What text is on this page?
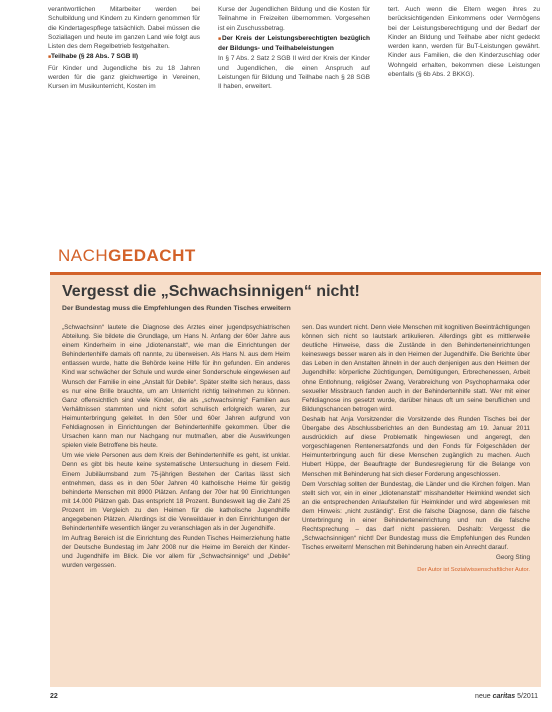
verantwortlichen Mitarbeiter werden bei Schulbildung und Kindern zu Kindern genommen für die Kindertagespflege tatsächlich. Dabei müssen die Soziallagen und heute im ganzen Land wie folgt aus Listen des dem Regelbetrieb festgehalten.

■ Teilhabe (§ 28 Abs. 7 SGB II)

Für Kinder und Jugendliche bis zu 18 Jahren werden für die ganz gleichwertige in Vereinen, Kursen im Musikunterricht, Kosten im

Kurse der Jugendlichen Bildung und die Kosten für Teilnahme in Freizeiten übernommen. Vorgesehen ist ein Zuschussbetrag.

■ Der Kreis der Leistungsberechtigten bezüglich der Bildungs- und Teilhabeleistungen

In § 7 Abs. 2 Satz 2 SGB II wird der Kreis der Kinder und Jugendlichen, die einen Anspruch auf Leistungen für Bildung und Teilhabe nach § 28 SGB II haben, erweitert.

tert. Auch wenn die Eltern wegen ihres zu berücksichtigenden Einkommens oder Vermögens bei der Leistungsberechtigung und der Bedarf der Kinder an Bildung und Teilhabe aber nicht gedeckt werden kann, werden für BuT-Leistungen gewährt. Kinder aus Familien, die den Kinderzuschlag oder Wohngeld erhalten, bekommen diese Leistungen ebenfalls (§ 6b Abs. 2 BKKG).

NACHGEDACHT
Vergesst die „Schwachsinnigen“ nicht!
Der Bundestag muss die Empfehlungen des Runden Tisches erweitern

„Schwachsinn“ lautete die Diagnose des Arztes einer jugendpsychiatrischen Abteilung. Sie bildete die Grundlage, um Hans N. Anfang der 60er Jahre aus einem Kinderheim in eine „Idiotenanstalt“, wie man die Einrichtungen der Behindertenhilfe damals oft nannte, zu überweisen. Als Hans N. aus dem Heim entlassen wurde, hatte die Behörde keine Hilfe für ihn gefunden. Ein anderes Kind war schwächer der Schule und wurde einer Sonderschule eingewiesen auf Wunsch der Familie in eine „Anstalt für Debile“. Später stellte sich heraus, dass es nur eine Brille brauchte, um am Unterricht richtig teilnehmen zu können. Ganz offensichtlich sind viele Kinder, die als „schwachsinnig“ Familien aus Verhältnissen stammten und nicht sofort schulisch erfolgreich waren, zur Heimunterbringung geleitet. In den 50er und 60er Jahren aufgrund von Fehldiagnosen in Einrichtungen der Behindertenhilfe gekommen. Über die Ursachen kann man nur Nachgang nur mutmaßen, aber die Auswirkungen spielen viele Betroffene bis heute.

Um wie viele Personen aus dem Kreis der Behindertenhilfe es geht, ist unklar. Denn es gibt bis heute keine systematische Untersuchung in diesem Feld. Einem Jubiläumsband zum 75-jährigen Bestehen der Caritas lässt sich entnehmen, dass es in den 50er Jahren 40 katholische Heime für geistig behinderte Menschen mit 8900 Plätzen. Anfang der 70er hat 90 Einrichtungen mit 14.000 Plätzen gab. Das entspricht 18 Prozent. Bundesweit lag die Zahl 25 Prozent im Vergleich zu den Heimen für die katholische Jugendhilfe angegebenen Plätzen. Allerdings ist die Verweildauer in den Einrichtungen der Behindertenhilfe wesentlich länger zu veranschlagen als in der Jugendhilfe.

Im Auftrag Bereich ist die Einrichtung des Runden Tisches Heimerziehung hatte der Deutsche Bundestag im Jahr 2008 nur die Heime im Bereich der Kinder- und Jugendhilfe im Blick. Die vor allem für „Schwachsinnige“ und „Debile“ wurden vergessen.

sen. Das wundert nicht. Denn viele Menschen mit kognitiven Beeinträchtigungen können sich nicht so lautstark artikulieren. Allerdings gibt es mittlerweile deutliche Hinweise, dass die Zustände in den Behinderteneinrichtungen keineswegs besser waren als in den Heimen der Jugendhilfe. Die Berichte über das Leben in den Anstalten ähneln in der auch denjenigen aus den Heimen der Jugendhilfe: körperliche Züchtigungen, Demütigungen, Erbrechenessen, Arbeit ohne Entlohnung, religiöser Zwang, Verabreichung von Psychopharmaka oder sexueller Missbrauch fanden auch in der Behindertenhilfe statt. Wer mit einer Fehldiagnose ins gesetzt wurde, darüber hinaus oft um seine beruflichen und Bildungschancen betrogen wird.

Deshalb hat Anja Vorsitzender die Vorsitzende des Runden Tisches bei der Übergabe des Abschlussberichtes an den Bundestag am 19. Januar 2011 ausdrücklich auf diese Problematik hingewiesen und angeregt, den vorgeschlagenen Rentenersatzfonds und den Fonds für Folgeschäden der Heimunterbringung auch für diese Menschen zugänglich zu machen. Auch Hubert Hüppe, der Beauftragte der Bundesregierung für die Belange von Menschen mit Behinderung hat sich dieser Forderung angeschlossen.

Dem Vorschlag sollten der Bundestag, die Länder und die Kirchen folgen. Man stellt sich vor, ein in einer „Idiotenanstalt“ misshandelter Heimkind wendet sich an die entsprechenden Anlaufstellen für Heimkinder und wird abgewiesen mit dem Hinweis: „nicht zuständig“. Erst die falsche Diagnose, dann die falsche Unterbringung in einer Behinderteneinrichtung und nun die falsche Rechtsprechung – das darf nicht passieren. Deshalb: Vergesst die „Schwachsinnigen“ nicht! Der Bundestag muss die Empfehlungen des Runden Tisches erweitern! Menschen mit Behinderung haben ein Anrecht darauf.

Georg Sting
Der Autor ist Sozialwissenschaftlicher Autor.
22	neue caritas 5/2011
